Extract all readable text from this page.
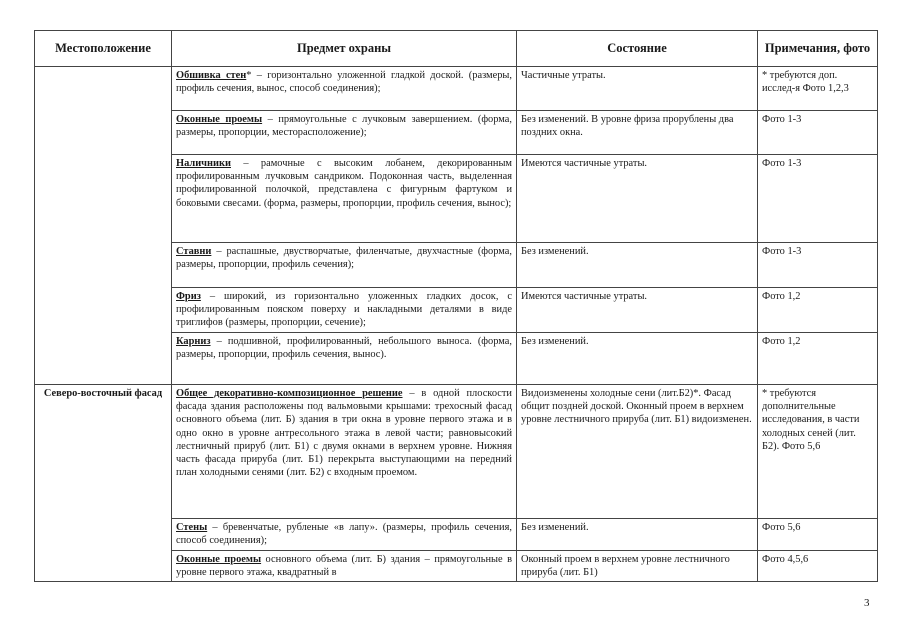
Местоположение	Предмет охраны	Состояние	Примечания, фото
	Обшивка стен* – горизонтально уложенной гладкой доской. (размеры, профиль сечения, вынос, способ соединения);	Частичные утраты.	* требуются доп. исслед-я Фото 1,2,3
	Оконные проемы – прямоугольные с лучковым завершением. (форма, размеры, пропорции, месторасположение);	Без изменений. В уровне фриза прорублены два поздних окна.	Фото 1-3
	Наличники – рамочные с высоким лобанем, декорированным профилированным лучковым сандриком. Подоконная часть, выделенная профилированной полочкой, представлена с фигурным фартуком и боковыми свесами. (форма, размеры, пропорции, профиль сечения, вынос);	Имеются частичные утраты.	Фото 1-3
	Ставни – распашные, двустворчатые, филенчатые, двухчастные (форма, размеры, пропорции, профиль сечения);	Без изменений.	Фото 1-3
	Фриз – широкий, из горизонтально уложенных гладких досок, с профилированным пояском поверху и накладными деталями в виде триглифов (размеры, пропорции, сечение);	Имеются частичные утраты.	Фото 1,2
	Карниз – подшивной, профилированный, небольшого выноса. (форма, размеры, пропорции, профиль сечения, вынос).	Без изменений.	Фото 1,2
Северо-восточный фасад	Общее декоративно-композиционное решение – в одной плоскости фасада здания расположены под вальмовыми крышами: трехосный фасад основного объема (лит. Б) здания в три окна в уровне первого этажа и в одно окно в уровне антресольного этажа в левой части; равновысокий лестничный прируб (лит. Б1) с двумя окнами в верхнем уровне. Нижняя часть фасада прируба (лит. Б1) перекрыта выступающими на передний план холодными сенями (лит. Б2) с входным проемом.	Видоизменены холодные сени (лит.Б2)*. Фасад общит поздней доской. Оконный проем в верхнем уровне лестничного прируба (лит. Б1) видоизменен.	* требуются дополнительные исследования, в части холодных сеней (лит. Б2). Фото 5,6
	Стены – бревенчатые, рубленые «в лапу». (размеры, профиль сечения, способ соединения);	Без изменений.	Фото 5,6
	Оконные проемы основного объема (лит. Б) здания – прямоугольные в уровне первого этажа, квадратный в	Оконный проем в верхнем уровне лестничного прируба (лит. Б1)	Фото 4,5,6
3
